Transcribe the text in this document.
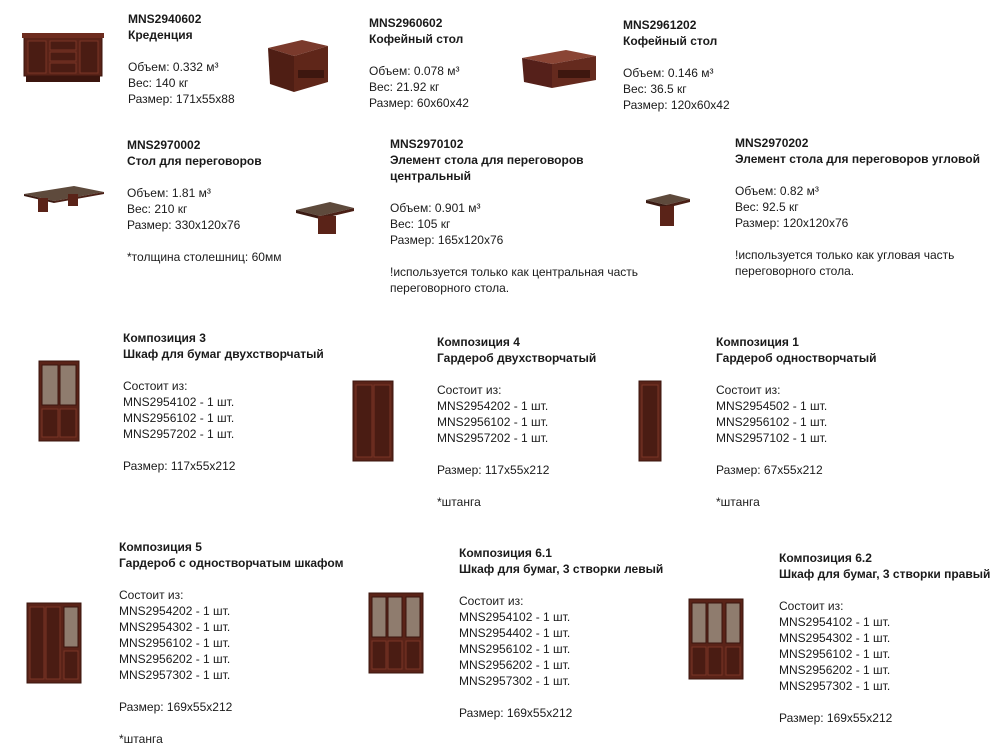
MNS2940602
Креденция
Объем: 0.332 м³
Вес: 140 кг
Размер: 171x55x88
MNS2960602
Кофейный стол
Объем: 0.078 м³
Вес: 21.92 кг
Размер: 60x60x42
MNS2961202
Кофейный стол
Объем: 0.146 м³
Вес: 36.5 кг
Размер: 120x60x42
MNS2970002
Стол для переговоров
Объем: 1.81 м³
Вес: 210 кг
Размер: 330x120x76
*толщина столешниц: 60мм
MNS2970102
Элемент стола для переговоров
центральный
Объем: 0.901 м³
Вес: 105 кг
Размер: 165x120x76
!используется только как центральная часть
переговорного стола.
MNS2970202
Элемент стола для переговоров угловой
Объем: 0.82 м³
Вес: 92.5 кг
Размер: 120x120x76
!используется только как угловая часть
переговорного стола.
Композиция 3
Шкаф для бумаг двухстворчатый
Состоит из:
MNS2954102 - 1 шт.
MNS2956102 - 1 шт.
MNS2957202 - 1 шт.
Размер: 117x55x212
Композиция 4
Гардероб двухстворчатый
Состоит из:
MNS2954202 - 1 шт.
MNS2956102 - 1 шт.
MNS2957202 - 1 шт.
Размер: 117x55x212
*штанга
Композиция 1
Гардероб одностворчатый
Состоит из:
MNS2954502 - 1 шт.
MNS2956102 - 1 шт.
MNS2957102 - 1 шт.
Размер: 67x55x212
*штанга
Композиция 5
Гардероб с одностворчатым шкафом
Состоит из:
MNS2954202 - 1 шт.
MNS2954302 - 1 шт.
MNS2956102 - 1 шт.
MNS2956202 - 1 шт.
MNS2957302 - 1 шт.
Размер: 169x55x212
*штанга
Композиция 6.1
Шкаф для бумаг, 3 створки левый
Состоит из:
MNS2954102 - 1 шт.
MNS2954402 - 1 шт.
MNS2956102 - 1 шт.
MNS2956202 - 1 шт.
MNS2957302 - 1 шт.
Размер: 169x55x212
Композиция 6.2
Шкаф для бумаг, 3 створки правый
Состоит из:
MNS2954102 - 1 шт.
MNS2954302 - 1 шт.
MNS2956102 - 1 шт.
MNS2956202 - 1 шт.
MNS2957302 - 1 шт.
Размер: 169x55x212
